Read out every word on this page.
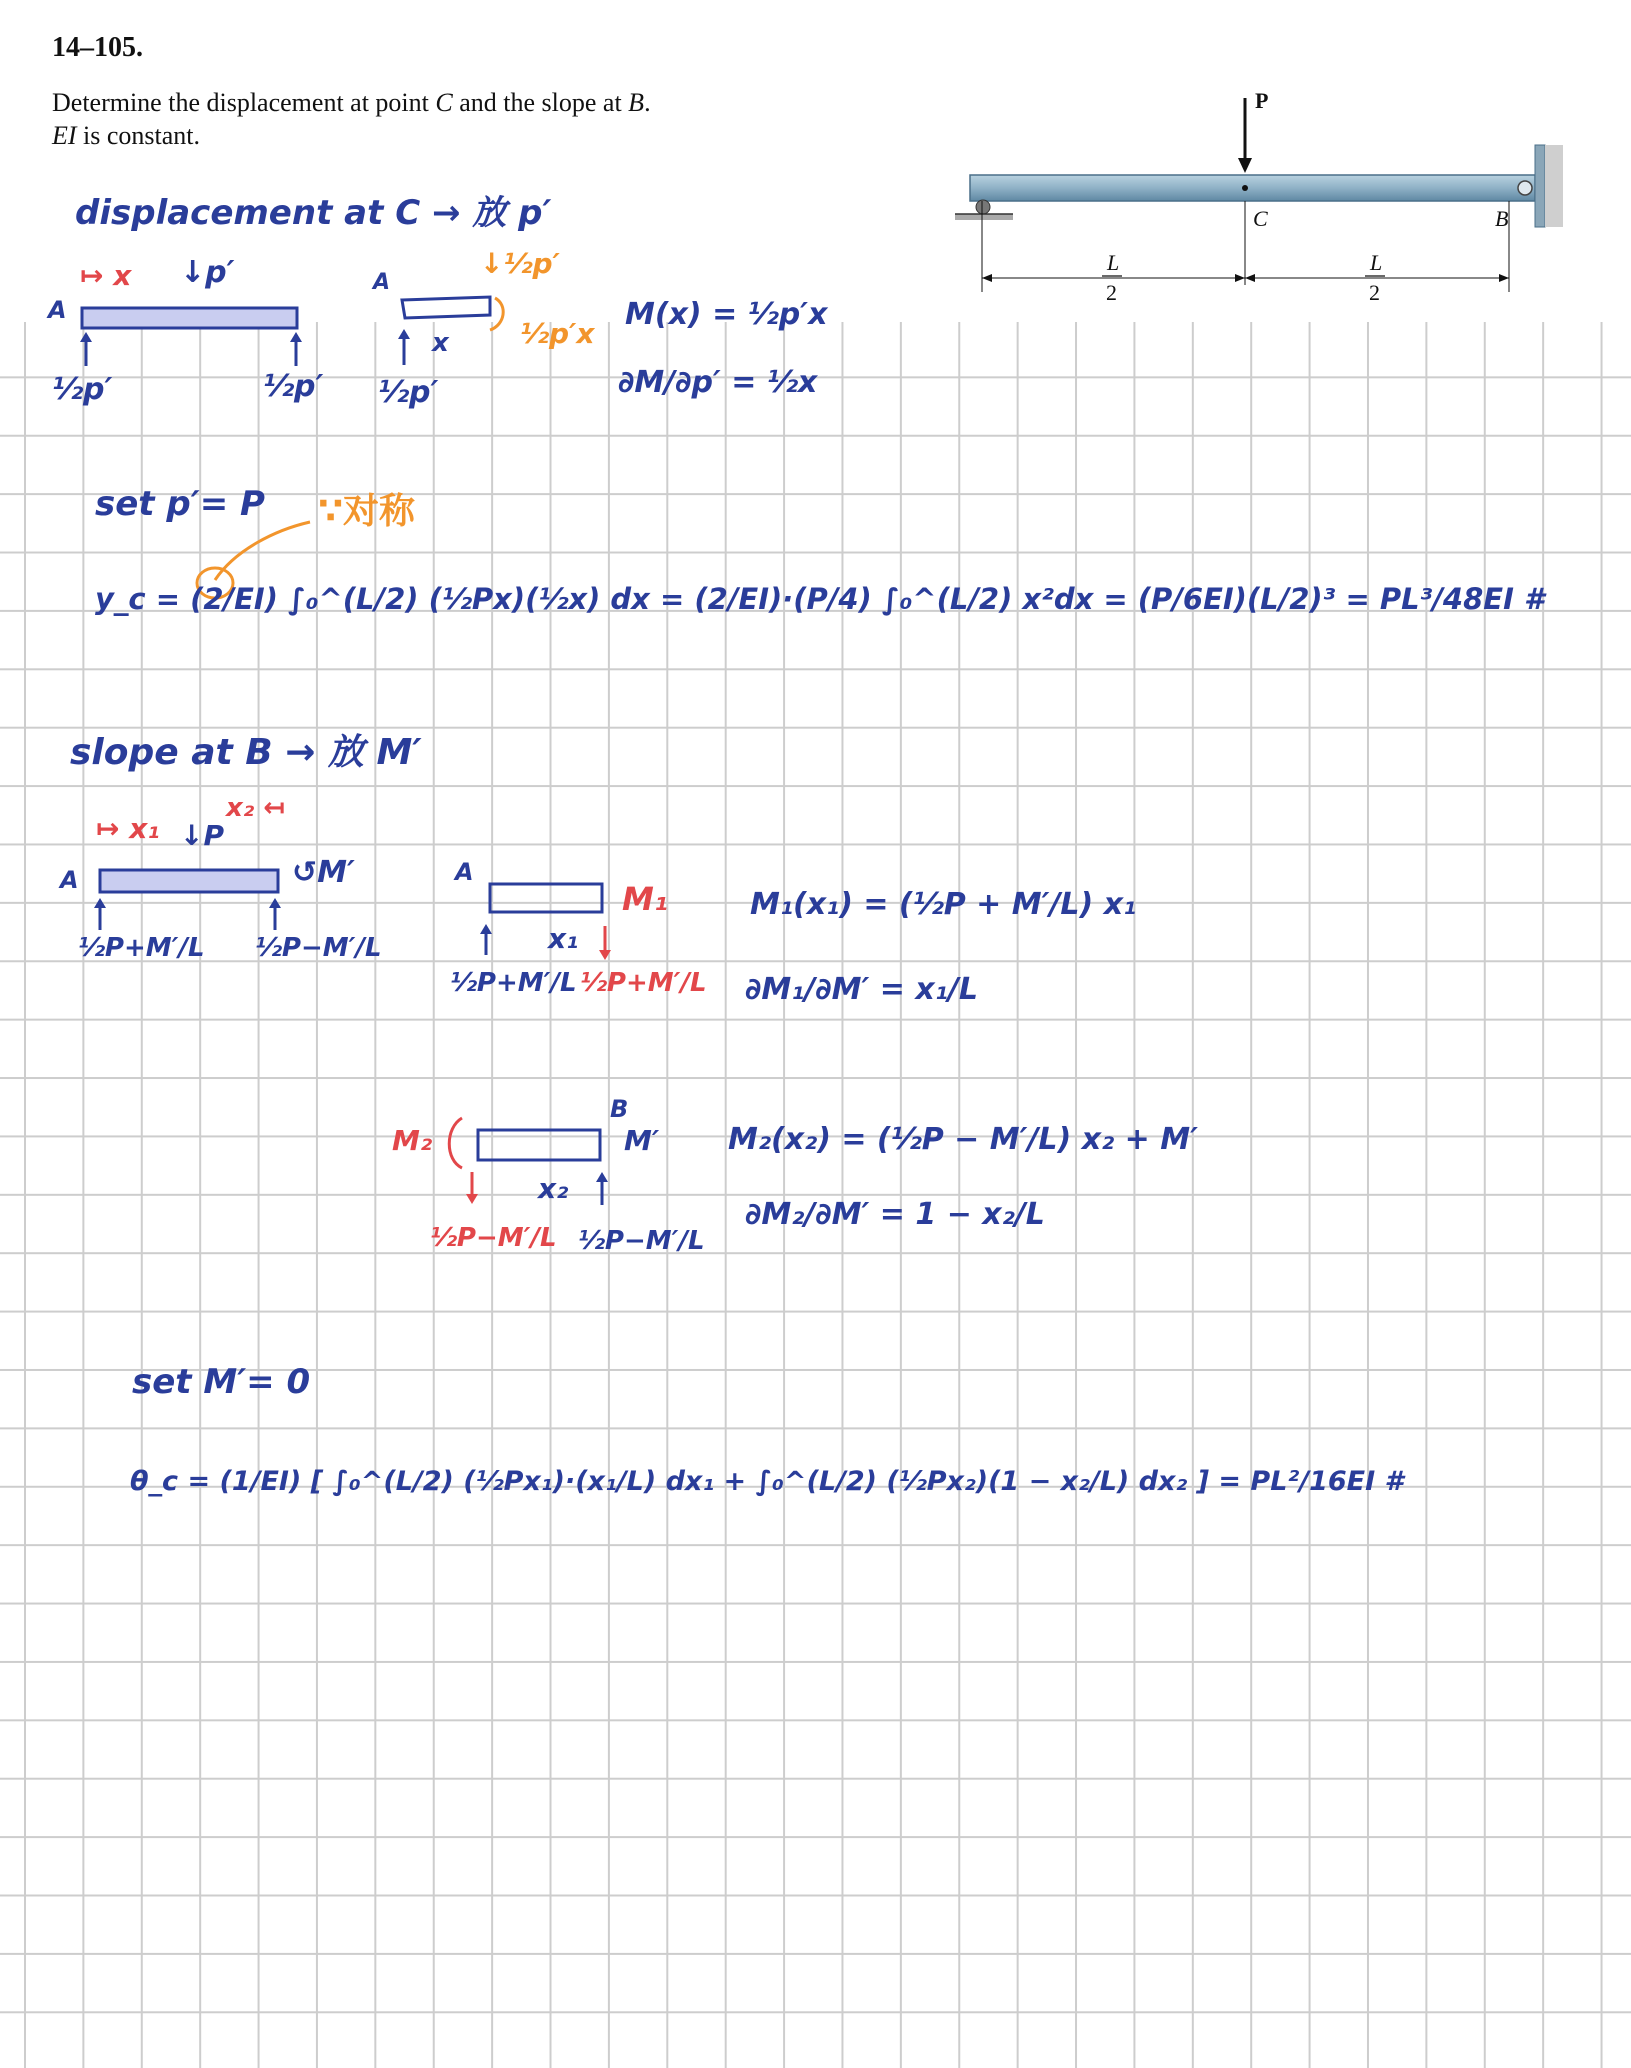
14–105.
Determine the displacement at point C and the slope at B.
EI is constant.
P
C	B
L
2
L
2
displacement at C → 放 p′
A
↦ x ↓p′
½p′	½p′
A
x
↓½p′
½p′x
½p′
M(x) = ½p′x
∂M/∂p′ = ½x
set p′= P ∵对称
y_c = (2/EI) ∫₀^(L/2) (½Px)(½x) dx = (2/EI)·(P/4) ∫₀^(L/2) x²dx = (P/6EI)(L/2)³ = PL³/48EI #
slope at B → 放 M′
A
↦ x₁
x₂ ↤
↓P
↺M′
½P+M′/L ½P−M′/L
A
M₁
x₁
½P+M′/L ½P+M′/L
M₁(x₁) = (½P + M′/L) x₁
∂M₁/∂M′ = x₁/L
B
M₂	M′
x₂
½P−M′/L ½P−M′/L
M₂(x₂) = (½P − M′/L) x₂ + M′
∂M₂/∂M′ = 1 − x₂/L
set M′= 0
θ_c = (1/EI) [ ∫₀^(L/2) (½Px₁)·(x₁/L) dx₁ + ∫₀^(L/2) (½Px₂)(1 − x₂/L) dx₂ ] = PL²/16EI #
